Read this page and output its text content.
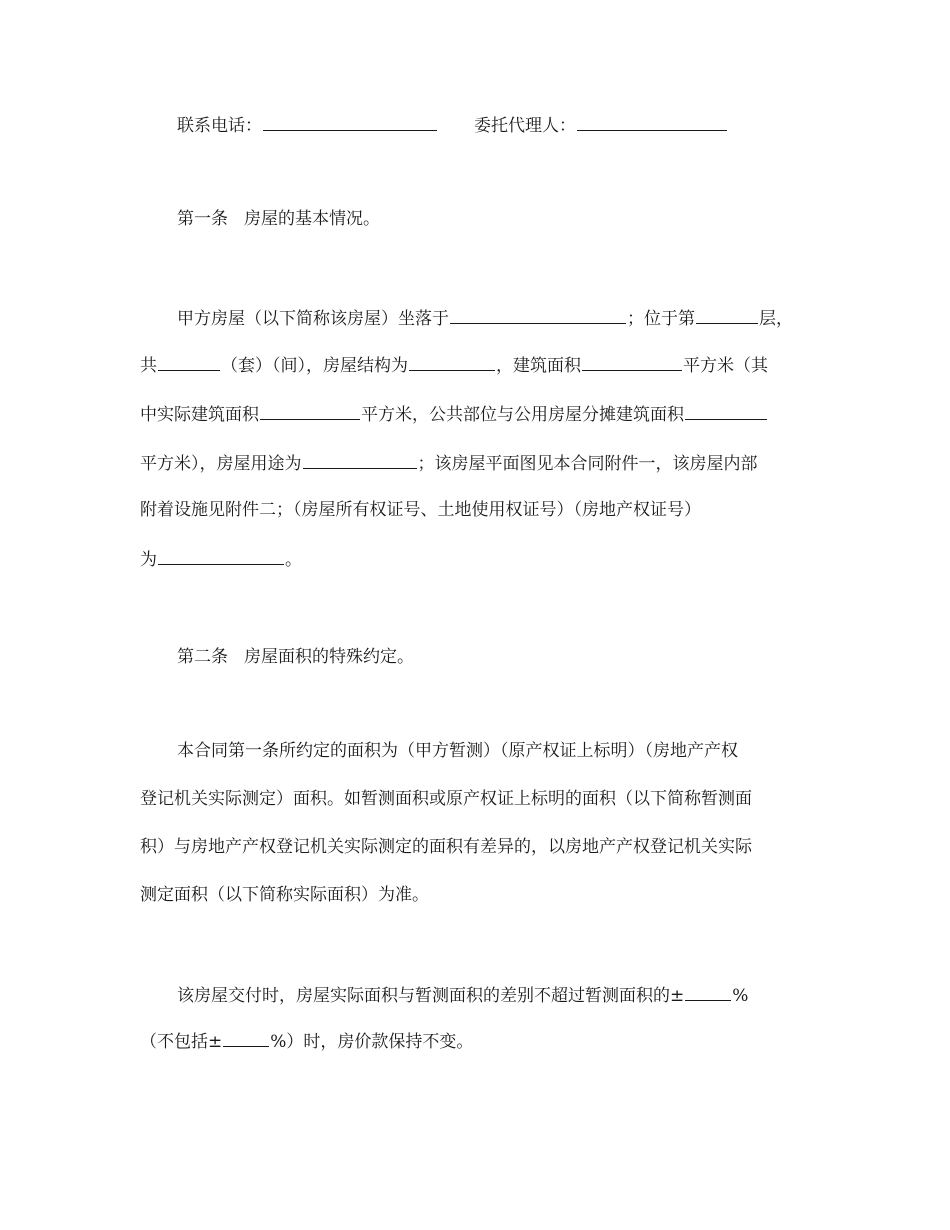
联系电话：	委托代理人：
第一条 房屋的基本情况。
甲方房屋（以下简称该房屋）坐落于	；位于第	层，
共	（套）（间），房屋结构为	，建筑面积	平方米（其
中实际建筑面积	平方米，公共部位与公用房屋分摊建筑面积
平方米），房屋用途为	；该房屋平面图见本合同附件一，该房屋内部
附着设施见附件二；（房屋所有权证号、土地使用权证号）（房地产权证号）
为	。
第二条 房屋面积的特殊约定。
本合同第一条所约定的面积为（甲方暂测）（原产权证上标明）（房地产产权
登记机关实际测定）面积。如暂测面积或原产权证上标明的面积（以下简称暂测面
积）与房地产产权登记机关实际测定的面积有差异的，以房地产产权登记机关实际
测定面积（以下简称实际面积）为准。
该房屋交付时，房屋实际面积与暂测面积的差别不超过暂测面积的±	%
（不包括±	%）时，房价款保持不变。
